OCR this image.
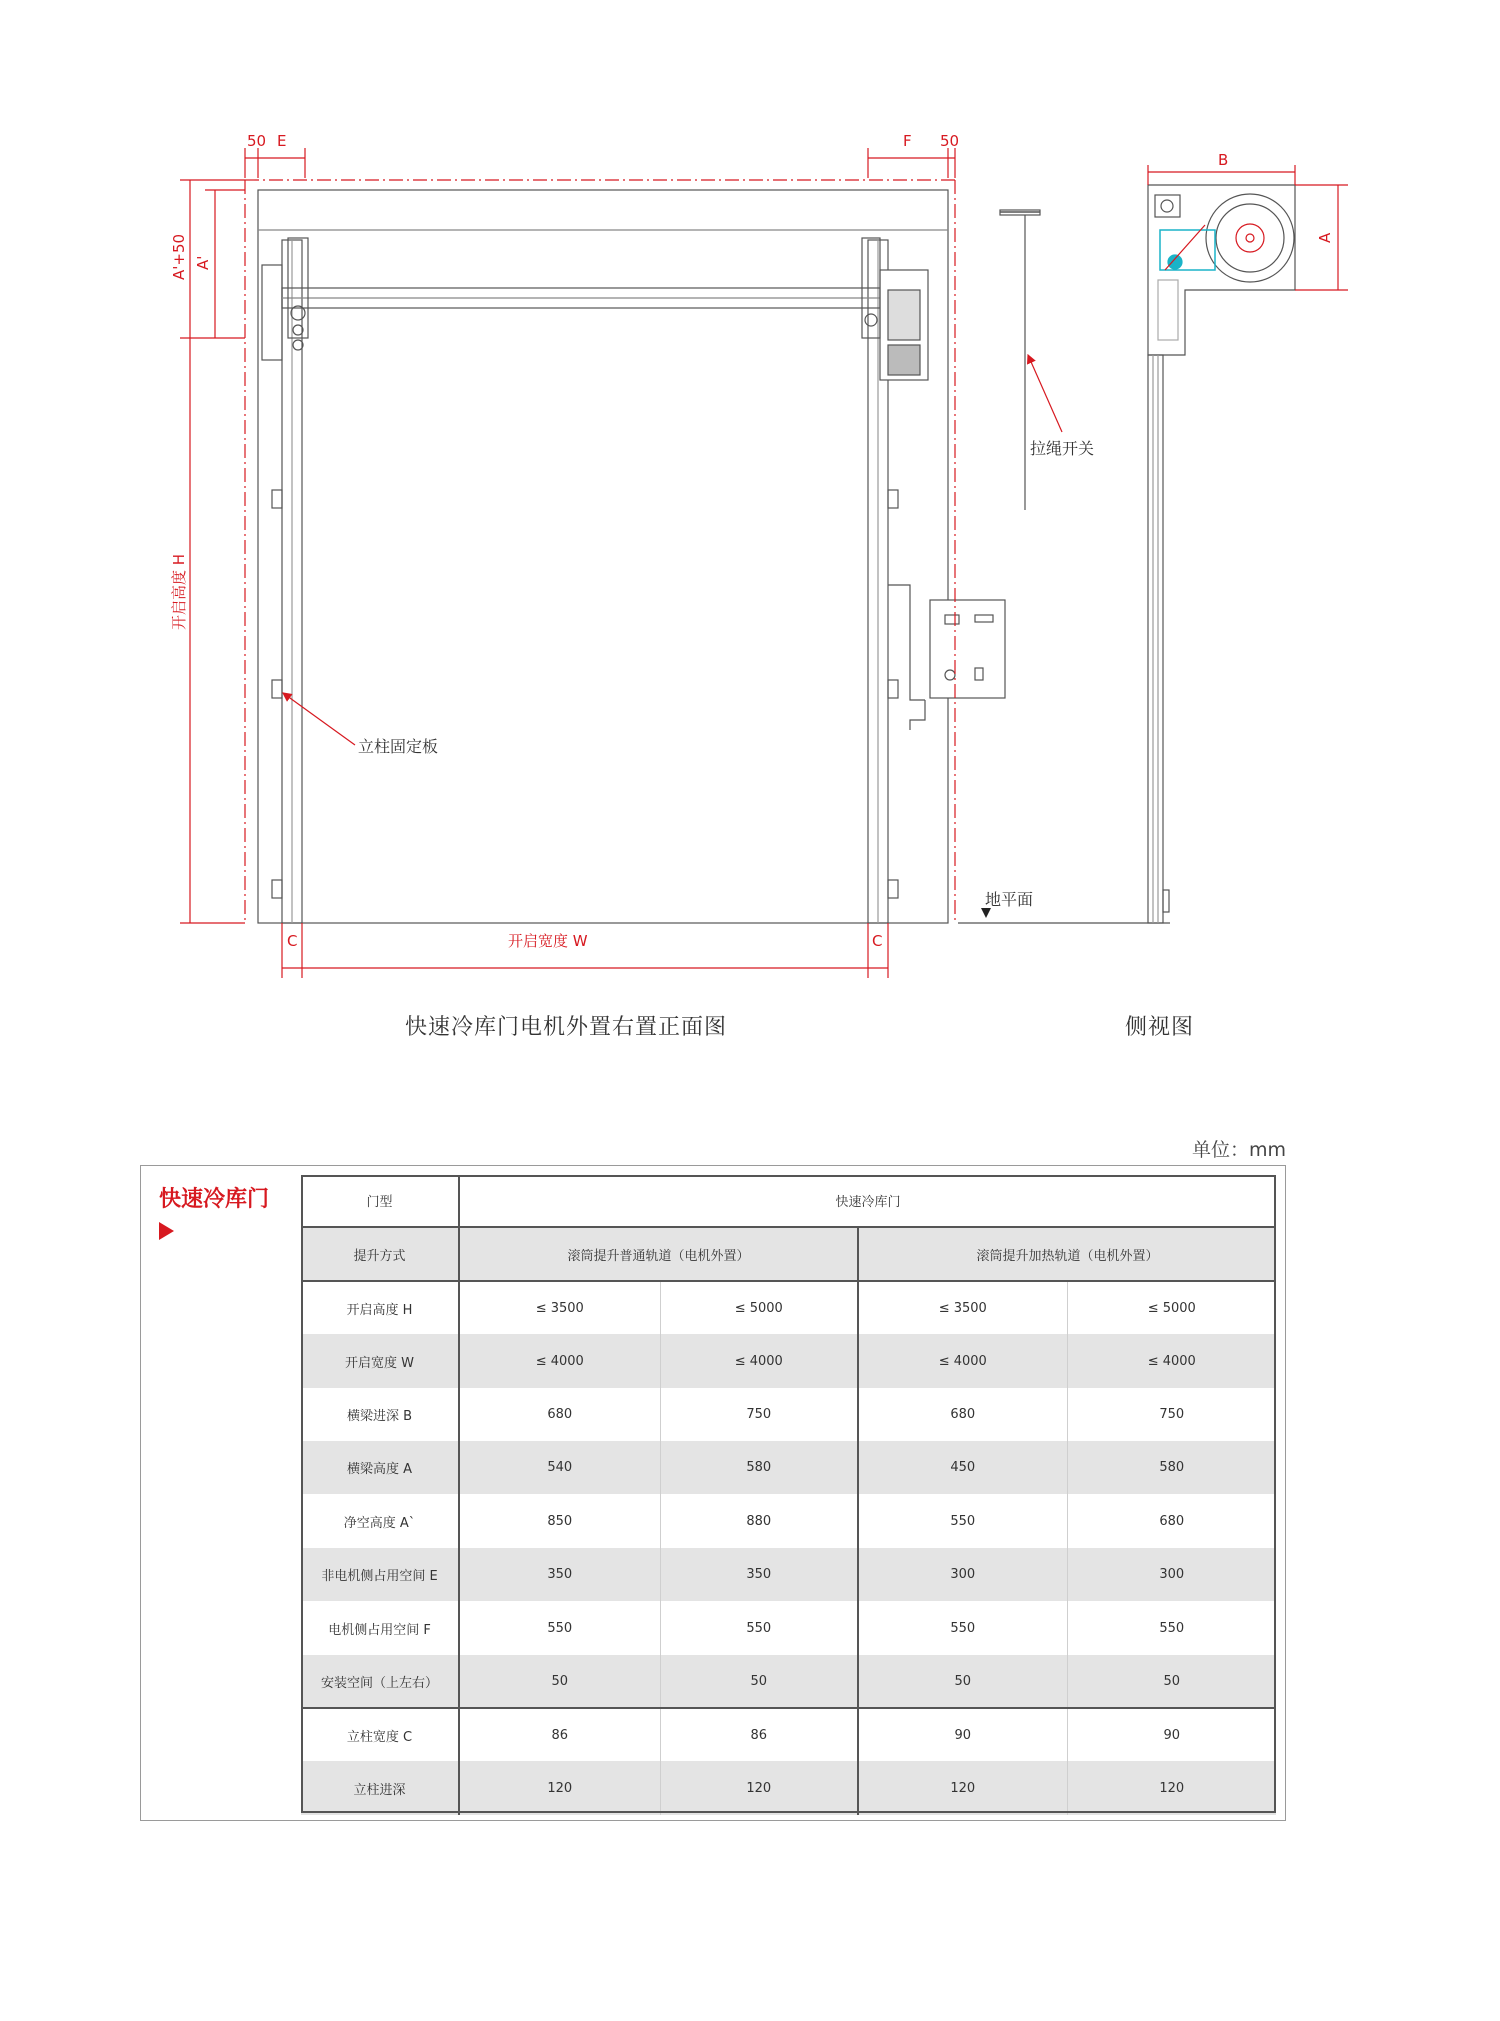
50 E	F 50
A'+50 A'
开启高度 H
C	开启宽度 W	C
B
A
拉绳开关
立柱固定板
地平面
快速冷库门电机外置右置正面图	侧视图
单位：mm
快速冷库门	门型	快速冷库门			
提升方式	滚筒提升普通轨道（电机外置）		滚筒提升加热轨道（电机外置）	
开启高度 H	≤ 3500	≤ 5000	≤ 3500	≤ 5000
开启宽度 W	≤ 4000	≤ 4000	≤ 4000	≤ 4000
横梁进深 B	680	750	680	750
横梁高度 A	540	580	450	580
净空高度 A`	850	880	550	680
非电机侧占用空间 E	350	350	300	300
电机侧占用空间 F	550	550	550	550
安装空间（上左右）	50	50	50	50
立柱宽度 C	86	86	90	90
立柱进深	120	120	120	120
